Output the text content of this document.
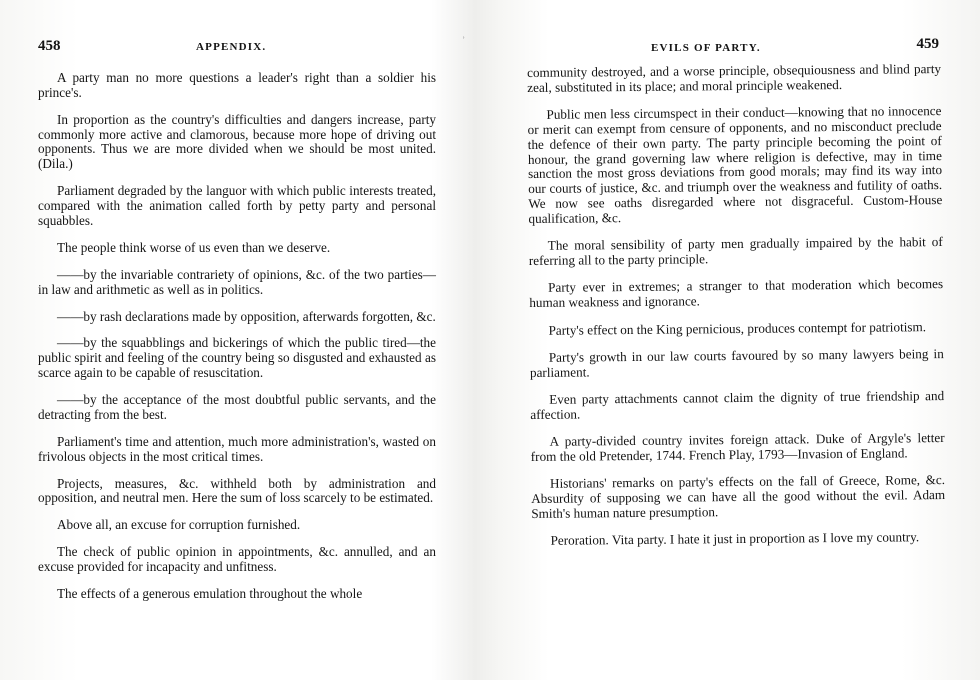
ʾ
458	APPENDIX.

A party man no more questions a leader's right than a soldier his prince's.

In proportion as the country's difficulties and dangers increase, party commonly more active and clamorous, because more hope of driving out opponents. Thus we are more divided when we should be most united. (Dila.)

Parliament degraded by the languor with which public interests treated, compared with the animation called forth by petty party and personal squabbles.

The people think worse of us even than we deserve.

——by the invariable contrariety of opinions, &c. of the two parties—in law and arithmetic as well as in politics.

——by rash declarations made by opposition, afterwards forgotten, &c.

——by the squabblings and bickerings of which the public tired—the public spirit and feeling of the country being so disgusted and exhausted as scarce again to be capable of resuscitation.

——by the acceptance of the most doubtful public servants, and the detracting from the best.

Parliament's time and attention, much more administration's, wasted on frivolous objects in the most critical times.

Projects, measures, &c. withheld both by administration and opposition, and neutral men. Here the sum of loss scarcely to be estimated.

Above all, an excuse for corruption furnished.

The check of public opinion in appointments, &c. annulled, and an excuse provided for incapacity and unfitness.

The effects of a generous emulation throughout the whole

EVILS OF PARTY.	459

community destroyed, and a worse principle, obsequiousness and blind party zeal, substituted in its place; and moral principle weakened.

Public men less circumspect in their conduct—knowing that no innocence or merit can exempt from censure of opponents, and no misconduct preclude the defence of their own party. The party principle becoming the point of honour, the grand governing law where religion is defective, may in time sanction the most gross deviations from good morals; may find its way into our courts of justice, &c. and triumph over the weakness and futility of oaths. We now see oaths disregarded where not disgraceful. Custom-House qualification, &c.

The moral sensibility of party men gradually impaired by the habit of referring all to the party principle.

Party ever in extremes; a stranger to that moderation which becomes human weakness and ignorance.

Party's effect on the King pernicious, produces contempt for patriotism.

Party's growth in our law courts favoured by so many lawyers being in parliament.

Even party attachments cannot claim the dignity of true friendship and affection.

A party-divided country invites foreign attack. Duke of Argyle's letter from the old Pretender, 1744. French Play, 1793—Invasion of England.

Historians' remarks on party's effects on the fall of Greece, Rome, &c. Absurdity of supposing we can have all the good without the evil. Adam Smith's human nature presumption.

Peroration. Vita party. I hate it just in proportion as I love my country.
